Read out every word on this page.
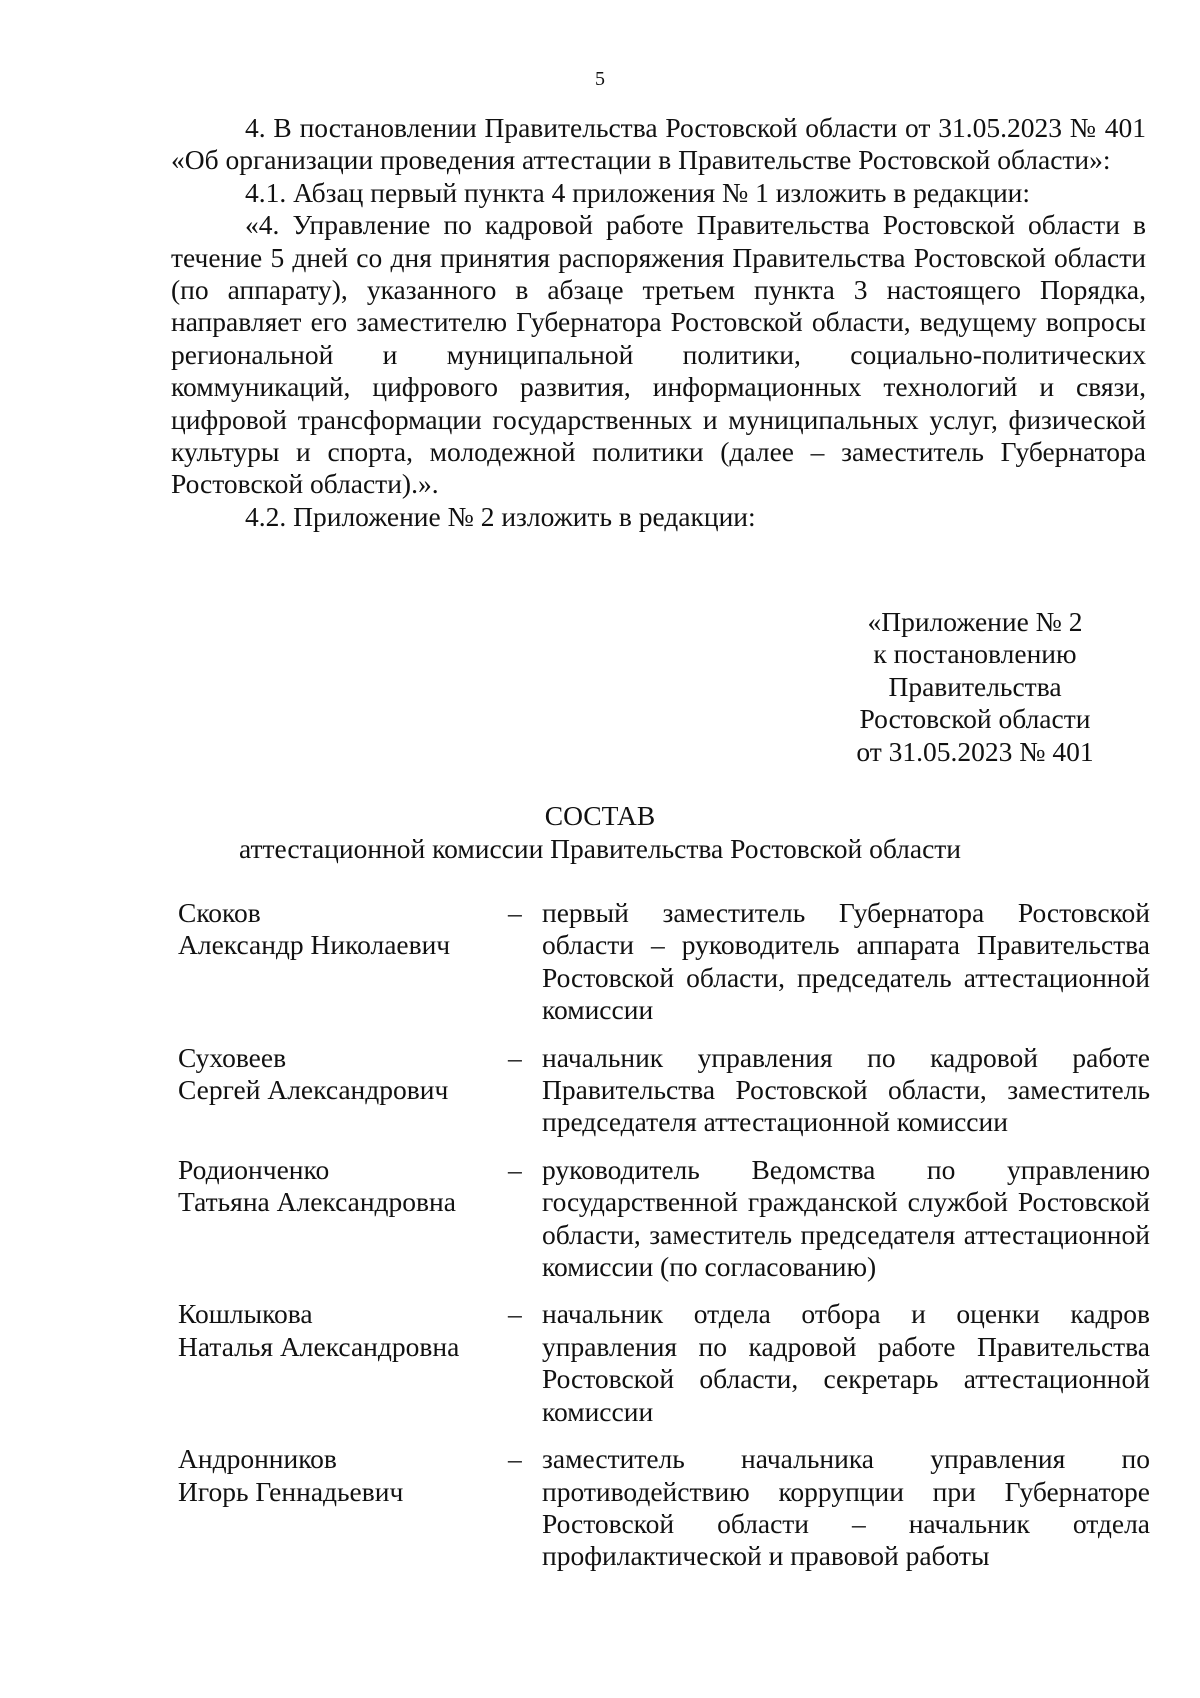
5

4. В постановлении Правительства Ростовской области от 31.05.2023 № 401 «Об организации проведения аттестации в Правительстве Ростовской области»:

4.1. Абзац первый пункта 4 приложения № 1 изложить в редакции:

«4. Управление по кадровой работе Правительства Ростовской области в течение 5 дней со дня принятия распоряжения Правительства Ростовской области (по аппарату), указанного в абзаце третьем пункта 3 настоящего Порядка, направляет его заместителю Губернатора Ростовской области, ведущему вопросы региональной и муниципальной политики, социально-политических коммуникаций, цифрового развития, информационных технологий и связи, цифровой трансформации государственных и муниципальных услуг, физической культуры и спорта, молодежной политики (далее – заместитель Губернатора Ростовской области).».

4.2. Приложение № 2 изложить в редакции:

«Приложение № 2
к постановлению
Правительства
Ростовской области
от 31.05.2023 № 401
СОСТАВ
аттестационной комиссии Правительства Ростовской области
Скоков
Александр Николаевич
– первый заместитель Губернатора Ростовской области – руководитель аппарата Правительства Ростовской области, председатель аттестационной комиссии
Суховеев
Сергей Александрович
– начальник управления по кадровой работе Правительства Ростовской области, заместитель председателя аттестационной комиссии
Родионченко
Татьяна Александровна
– руководитель Ведомства по управлению государственной гражданской службой Ростовской области, заместитель председателя аттестационной комиссии (по согласованию)
Кошлыкова
Наталья Александровна
– начальник отдела отбора и оценки кадров управления по кадровой работе Правительства Ростовской области, секретарь аттестационной комиссии
Андронников
Игорь Геннадьевич
– заместитель начальника управления по противодействию коррупции при Губернаторе Ростовской области – начальник отдела профилактической и правовой работы
